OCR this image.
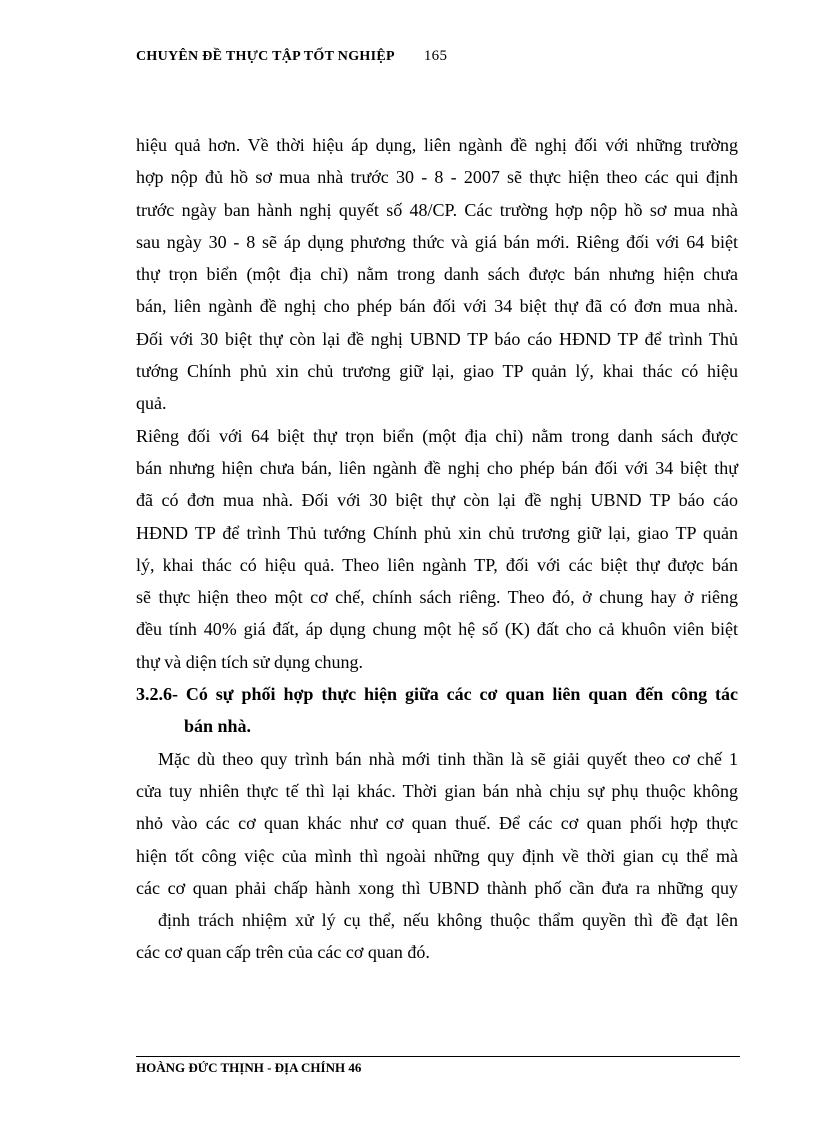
CHUYÊN ĐỀ THỰC TẬP TỐT NGHIỆP 165
hiệu quả hơn. Về thời hiệu áp dụng, liên ngành đề nghị đối với những trường
hợp nộp đủ hồ sơ mua nhà trước 30 - 8 - 2007 sẽ thực hiện theo các qui định
trước ngày ban hành nghị quyết số 48/CP. Các trường hợp nộp hồ sơ mua nhà
sau ngày 30 - 8 sẽ áp dụng phương thức và giá bán mới. Riêng đối với 64 biệt
thự trọn biển (một địa chỉ) nằm trong danh sách được bán nhưng hiện chưa
bán, liên ngành đề nghị cho phép bán đối với 34 biệt thự đã có đơn mua nhà.
Đối với 30 biệt thự còn lại đề nghị UBND TP báo cáo HĐND TP để trình Thủ
tướng Chính phủ xin chủ trương giữ lại, giao TP quản lý, khai thác có hiệu
quả.
Riêng đối với 64 biệt thự trọn biển (một địa chỉ) nằm trong danh sách được
bán nhưng hiện chưa bán, liên ngành đề nghị cho phép bán đối với 34 biệt thự
đã có đơn mua nhà. Đối với 30 biệt thự còn lại đề nghị UBND TP báo cáo
HĐND TP để trình Thủ tướng Chính phủ xin chủ trương giữ lại, giao TP quản
lý, khai thác có hiệu quả. Theo liên ngành TP, đối với các biệt thự được bán
sẽ thực hiện theo một cơ chế, chính sách riêng. Theo đó, ở chung hay ở riêng
đều tính 40% giá đất, áp dụng chung một hệ số (K) đất cho cả khuôn viên biệt
thự và diện tích sử dụng chung.
3.2.6- Có sự phối hợp thực hiện giữa các cơ quan liên quan đến công tác
bán nhà.
Mặc dù theo quy trình bán nhà mới tinh thần là sẽ giải quyết theo cơ chế 1
cửa tuy nhiên thực tế thì lại khác. Thời gian bán nhà chịu sự phụ thuộc không
nhỏ vào các cơ quan khác như cơ quan thuế. Để các cơ quan phối hợp thực
hiện tốt công việc của mình thì ngoài những quy định về thời gian cụ thể mà
các cơ quan phải chấp hành xong thì UBND thành phố cần đưa ra những quy
định trách nhiệm xử lý cụ thể, nếu không thuộc thẩm quyền thì đề đạt lên
các cơ quan cấp trên của các cơ quan đó.
HOÀNG ĐỨC THỊNH - ĐỊA CHÍNH 46
